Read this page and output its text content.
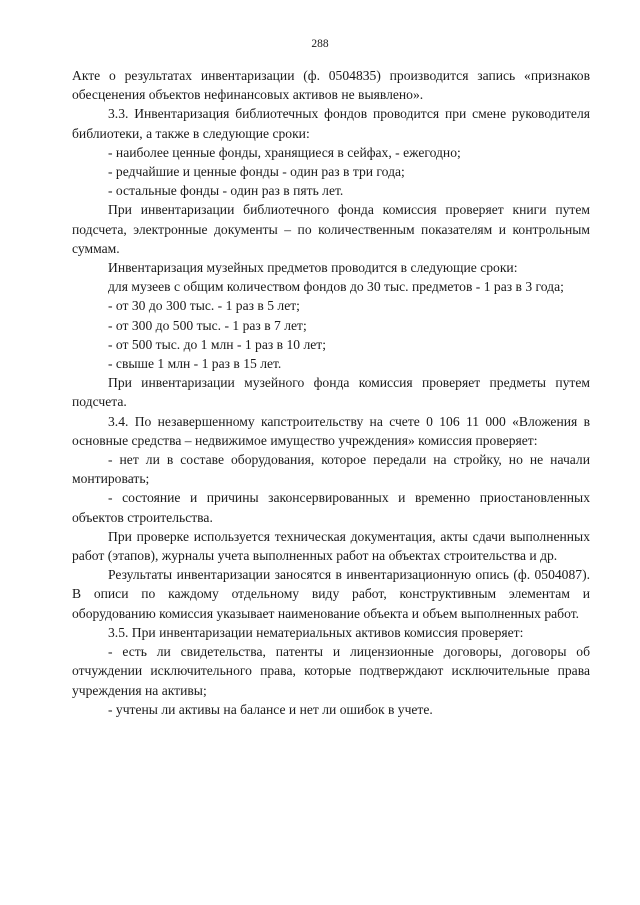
288

Акте о результатах инвентаризации (ф. 0504835) производится запись «признаков обесценения объектов нефинансовых активов не выявлено».

3.3. Инвентаризация библиотечных фондов проводится при смене руководителя библиотеки, а также в следующие сроки:

- наиболее ценные фонды, хранящиеся в сейфах, - ежегодно;

- редчайшие и ценные фонды - один раз в три года;

- остальные фонды - один раз в пять лет.

При инвентаризации библиотечного фонда комиссия проверяет книги путем подсчета, электронные документы – по количественным показателям и контрольным суммам.

Инвентаризация музейных предметов проводится в следующие сроки:

для музеев с общим количеством фондов до 30 тыс. предметов - 1 раз в 3 года;

- от 30 до 300 тыс. - 1 раз в 5 лет;

- от 300 до 500 тыс. - 1 раз в 7 лет;

- от 500 тыс. до 1 млн - 1 раз в 10 лет;

- свыше 1 млн - 1 раз в 15 лет.

При инвентаризации музейного фонда комиссия проверяет предметы путем подсчета.

3.4. По незавершенному капстроительству на счете 0 106 11 000 «Вложения в основные средства – недвижимое имущество учреждения» комиссия проверяет:

- нет ли в составе оборудования, которое передали на стройку, но не начали монтировать;

- состояние и причины законсервированных и временно приостановленных объектов строительства.

При проверке используется техническая документация, акты сдачи выполненных работ (этапов), журналы учета выполненных работ на объектах строительства и др.

Результаты инвентаризации заносятся в инвентаризационную опись (ф. 0504087). В описи по каждому отдельному виду работ, конструктивным элементам и оборудованию комиссия указывает наименование объекта и объем выполненных работ.

3.5. При инвентаризации нематериальных активов комиссия проверяет:

- есть ли свидетельства, патенты и лицензионные договоры, договоры об отчуждении исключительного права, которые подтверждают исключительные права учреждения на активы;

- учтены ли активы на балансе и нет ли ошибок в учете.
